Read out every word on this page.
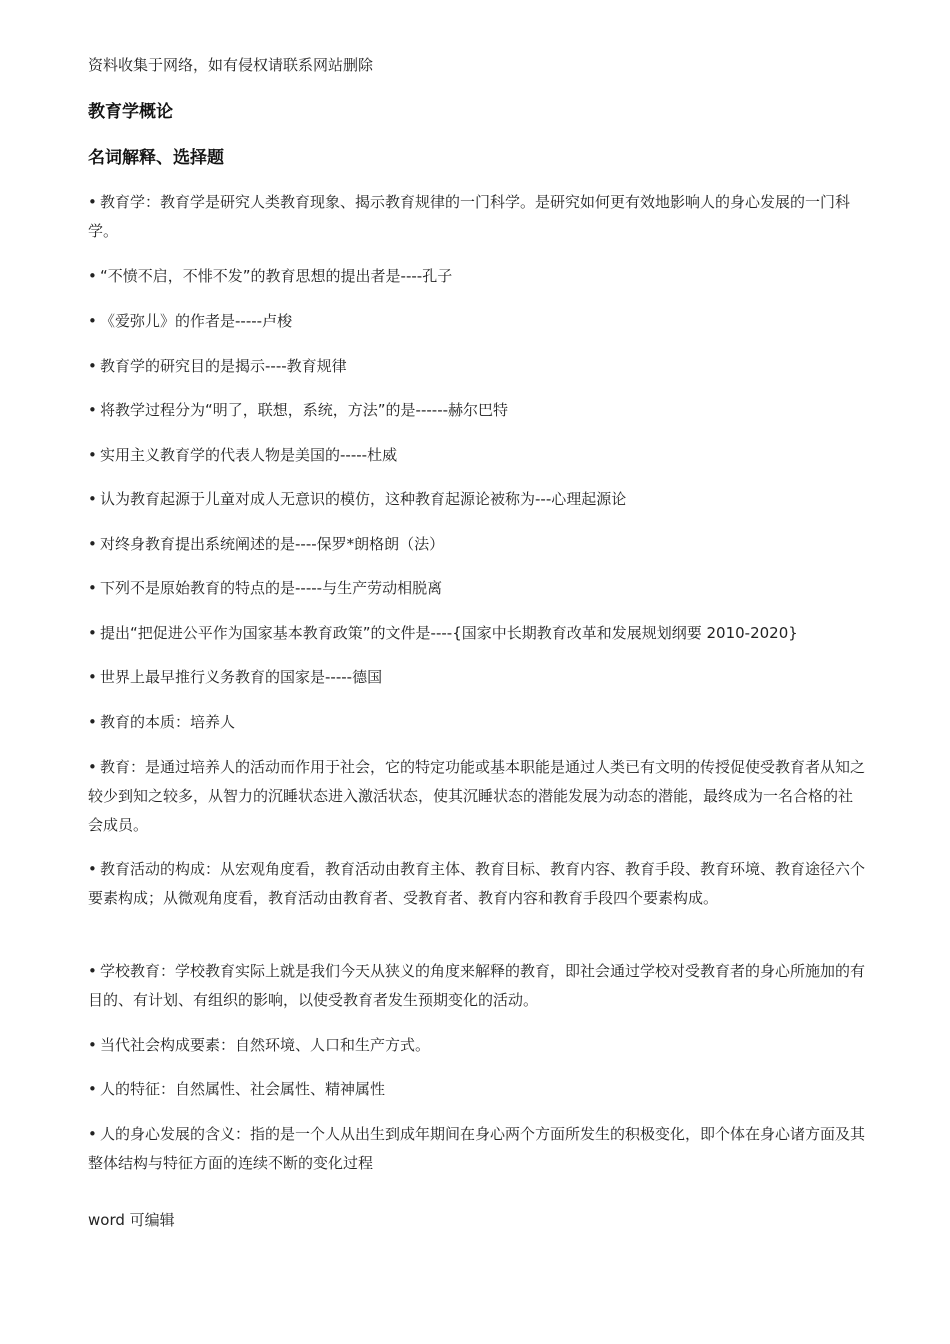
资料收集于网络，如有侵权请联系网站删除
教育学概论
名词解释、选择题
• 教育学：教育学是研究人类教育现象、揭示教育规律的一门科学。是研究如何更有效地影响人的身心发展的一门科学。
• “不愤不启，不悱不发”的教育思想的提出者是----孔子
• 《爱弥儿》的作者是-----卢梭
• 教育学的研究目的是揭示----教育规律
• 将教学过程分为“明了，联想，系统，方法”的是------赫尔巴特
• 实用主义教育学的代表人物是美国的-----杜威
• 认为教育起源于儿童对成人无意识的模仿，这种教育起源论被称为---心理起源论
• 对终身教育提出系统阐述的是----保罗*朗格朗（法）
• 下列不是原始教育的特点的是-----与生产劳动相脱离
• 提出“把促进公平作为国家基本教育政策”的文件是----{国家中长期教育改革和发展规划纲要 2010-2020}
• 世界上最早推行义务教育的国家是-----德国
• 教育的本质：培养人
• 教育：是通过培养人的活动而作用于社会，它的特定功能或基本职能是通过人类已有文明的传授促使受教育者从知之较少到知之较多，从智力的沉睡状态进入激活状态，使其沉睡状态的潜能发展为动态的潜能，最终成为一名合格的社会成员。
• 教育活动的构成：从宏观角度看，教育活动由教育主体、教育目标、教育内容、教育手段、教育环境、教育途径六个要素构成；从微观角度看，教育活动由教育者、受教育者、教育内容和教育手段四个要素构成。
• 学校教育：学校教育实际上就是我们今天从狭义的角度来解释的教育，即社会通过学校对受教育者的身心所施加的有目的、有计划、有组织的影响，以使受教育者发生预期变化的活动。
• 当代社会构成要素：自然环境、人口和生产方式。
• 人的特征：自然属性、社会属性、精神属性
• 人的身心发展的含义：指的是一个人从出生到成年期间在身心两个方面所发生的积极变化，即个体在身心诸方面及其整体结构与特征方面的连续不断的变化过程
word 可编辑
